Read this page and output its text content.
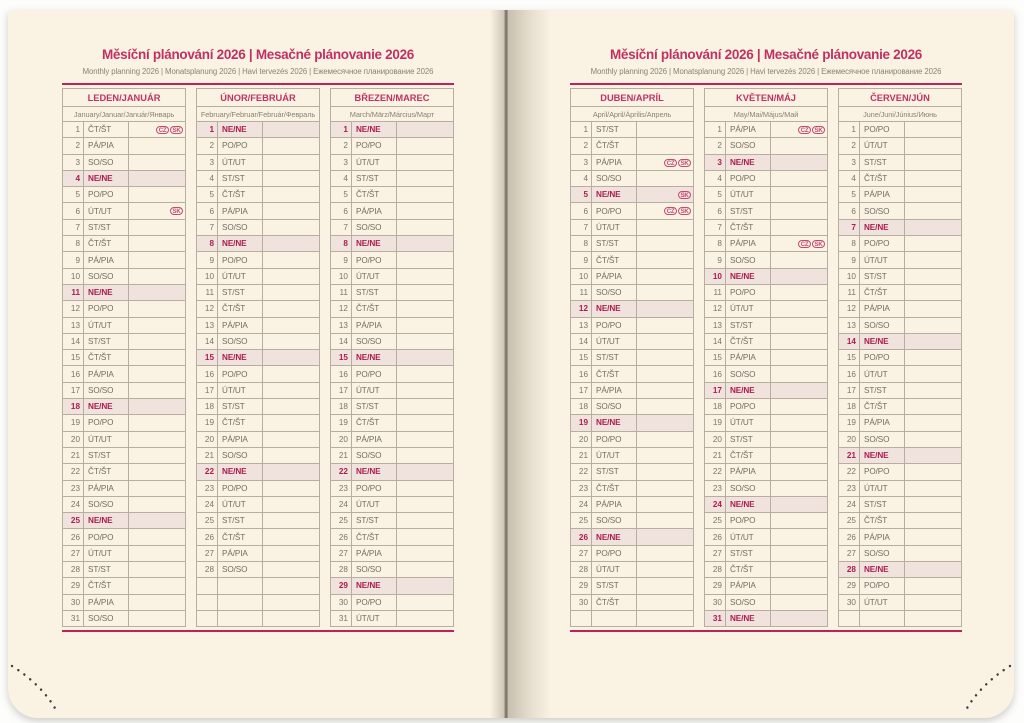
Měsíční plánování 2026 | Mesačné plánovanie 2026
Monthly planning 2026 | Monatsplanung 2026 | Havi tervezés 2026 | Ежемесячное планирование 2026
LEDEN/JANUÁR		
January/Januar/Január/Январь		
1	ČT/ŠT	CZ SK
2	PÁ/PIA	
3	SO/SO	
4	NE/NE	
5	PO/PO	
6	ÚT/UT	SK
7	ST/ST	
8	ČT/ŠT	
9	PÁ/PIA	
10	SO/SO	
11	NE/NE	
12	PO/PO	
13	ÚT/UT	
14	ST/ST	
15	ČT/ŠT	
16	PÁ/PIA	
17	SO/SO	
18	NE/NE	
19	PO/PO	
20	ÚT/UT	
21	ST/ST	
22	ČT/ŠT	
23	PÁ/PIA	
24	SO/SO	
25	NE/NE	
26	PO/PO	
27	ÚT/UT	
28	ST/ST	
29	ČT/ŠT	
30	PÁ/PIA	
31	SO/SO	
ÚNOR/FEBRUÁR		
February/Februar/Február/Февраль		
1	NE/NE	
2	PO/PO	
3	ÚT/UT	
4	ST/ST	
5	ČT/ŠT	
6	PÁ/PIA	
7	SO/SO	
8	NE/NE	
9	PO/PO	
10	ÚT/UT	
11	ST/ST	
12	ČT/ŠT	
13	PÁ/PIA	
14	SO/SO	
15	NE/NE	
16	PO/PO	
17	ÚT/UT	
18	ST/ST	
19	ČT/ŠT	
20	PÁ/PIA	
21	SO/SO	
22	NE/NE	
23	PO/PO	
24	ÚT/UT	
25	ST/ST	
26	ČT/ŠT	
27	PÁ/PIA	
28	SO/SO	

BŘEZEN/MAREC		
March/März/Március/Март		
1	NE/NE	
2	PO/PO	
3	ÚT/UT	
4	ST/ST	
5	ČT/ŠT	
6	PÁ/PIA	
7	SO/SO	
8	NE/NE	
9	PO/PO	
10	ÚT/UT	
11	ST/ST	
12	ČT/ŠT	
13	PÁ/PIA	
14	SO/SO	
15	NE/NE	
16	PO/PO	
17	ÚT/UT	
18	ST/ST	
19	ČT/ŠT	
20	PÁ/PIA	
21	SO/SO	
22	NE/NE	
23	PO/PO	
24	ÚT/UT	
25	ST/ST	
26	ČT/ŠT	
27	PÁ/PIA	
28	SO/SO	
29	NE/NE	
30	PO/PO	
31	ÚT/UT	
Měsíční plánování 2026 | Mesačné plánovanie 2026
Monthly planning 2026 | Monatsplanung 2026 | Havi tervezés 2026 | Ежемесячное планирование 2026
DUBEN/APRÍL		
April/April/Április/Апрель		
1	ST/ST	
2	ČT/ŠT	
3	PÁ/PIA	CZ SK
4	SO/SO	
5	NE/NE	SK
6	PO/PO	CZ SK
7	ÚT/UT	
8	ST/ST	
9	ČT/ŠT	
10	PÁ/PIA	
11	SO/SO	
12	NE/NE	
13	PO/PO	
14	ÚT/UT	
15	ST/ST	
16	ČT/ŠT	
17	PÁ/PIA	
18	SO/SO	
19	NE/NE	
20	PO/PO	
21	ÚT/UT	
22	ST/ST	
23	ČT/ŠT	
24	PÁ/PIA	
25	SO/SO	
26	NE/NE	
27	PO/PO	
28	ÚT/UT	
29	ST/ST	
30	ČT/ŠT	

KVĚTEN/MÁJ		
May/Mai/Május/Май		
1	PÁ/PIA	CZ SK
2	SO/SO	
3	NE/NE	
4	PO/PO	
5	ÚT/UT	
6	ST/ST	
7	ČT/ŠT	
8	PÁ/PIA	CZ SK
9	SO/SO	
10	NE/NE	
11	PO/PO	
12	ÚT/UT	
13	ST/ST	
14	ČT/ŠT	
15	PÁ/PIA	
16	SO/SO	
17	NE/NE	
18	PO/PO	
19	ÚT/UT	
20	ST/ST	
21	ČT/ŠT	
22	PÁ/PIA	
23	SO/SO	
24	NE/NE	
25	PO/PO	
26	ÚT/UT	
27	ST/ST	
28	ČT/ŠT	
29	PÁ/PIA	
30	SO/SO	
31	NE/NE	
ČERVEN/JÚN		
June/Juni/Június/Июнь		
1	PO/PO	
2	ÚT/UT	
3	ST/ST	
4	ČT/ŠT	
5	PÁ/PIA	
6	SO/SO	
7	NE/NE	
8	PO/PO	
9	ÚT/UT	
10	ST/ST	
11	ČT/ŠT	
12	PÁ/PIA	
13	SO/SO	
14	NE/NE	
15	PO/PO	
16	ÚT/UT	
17	ST/ST	
18	ČT/ŠT	
19	PÁ/PIA	
20	SO/SO	
21	NE/NE	
22	PO/PO	
23	ÚT/UT	
24	ST/ST	
25	ČT/ŠT	
26	PÁ/PIA	
27	SO/SO	
28	NE/NE	
29	PO/PO	
30	ÚT/UT	
